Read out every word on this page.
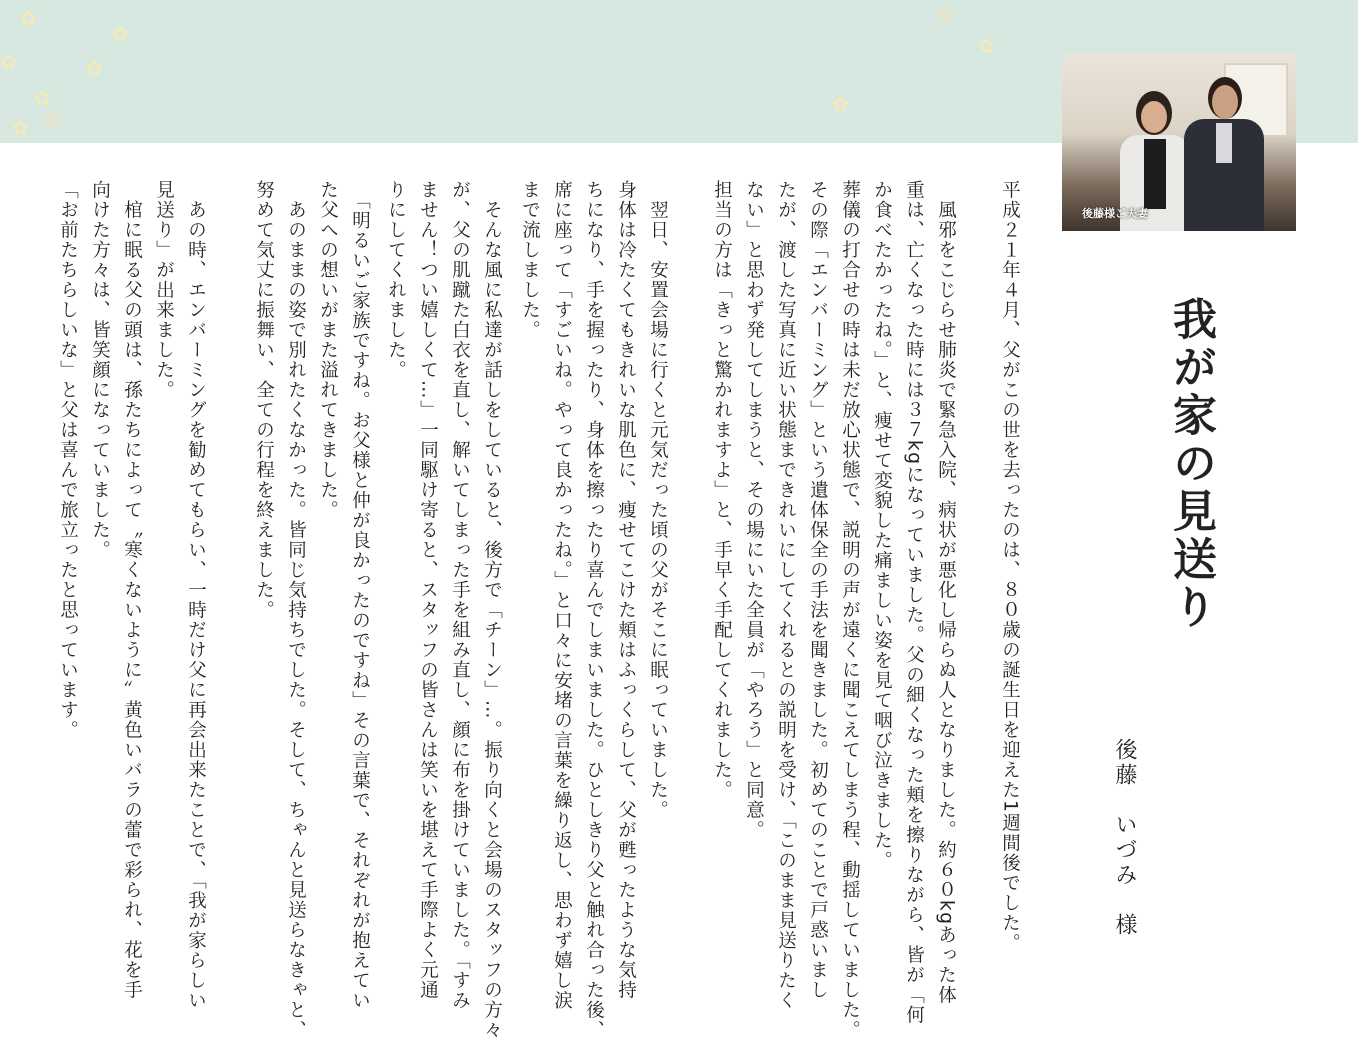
✿
✿
✿
✿
✿ ✿
✿
✿
✿
✿
後藤様ご夫妻
我が家の見送り
後藤　いづみ　様
平成２１年４月、父がこの世を去ったのは、８０歳の誕生日を迎えた1週間後でした。
　風邪をこじらせ肺炎で緊急入院、病状が悪化し帰らぬ人となりました。約６０kgあった体
重は、亡くなった時には３７kgになっていました。父の細くなった頬を擦りながら、皆が「何
か食べたかったね。」と、痩せて変貌した痛ましい姿を見て咽び泣きました。
葬儀の打合せの時は未だ放心状態で、説明の声が遠くに聞こえてしまう程、動揺していました。
その際「エンバーミング」という遺体保全の手法を聞きました。初めてのことで戸惑いまし
たが、渡した写真に近い状態まできれいにしてくれるとの説明を受け、「このまま見送りたく
ない」と思わず発してしまうと、その場にいた全員が「やろう」と同意。
担当の方は「きっと驚かれますよ」と、手早く手配してくれました。
　翌日、安置会場に行くと元気だった頃の父がそこに眠っていました。
身体は冷たくてもきれいな肌色に、痩せてこけた頬はふっくらして、父が甦ったような気持
ちになり、手を握ったり、身体を擦ったり喜んでしまいました。ひとしきり父と触れ合った後、
席に座って「すごいね。やって良かったね。」と口々に安堵の言葉を繰り返し、思わず嬉し涙
まで流しました。
　そんな風に私達が話しをしていると、後方で「チーン」…。振り向くと会場のスタッフの方々
が、父の肌蹴た白衣を直し、解いてしまった手を組み直し、顔に布を掛けていました。「すみ
ません！つい嬉しくて…」一同駆け寄ると、スタッフの皆さんは笑いを堪えて手際よく元通
りにしてくれました。
　「明るいご家族ですね。お父様と仲が良かったのですね」その言葉で、それぞれが抱えてい
た父への想いがまた溢れてきました。
　あのままの姿で別れたくなかった。皆同じ気持ちでした。そして、ちゃんと見送らなきゃと、
努めて気丈に振舞い、全ての行程を終えました。
　あの時、エンバーミングを勧めてもらい、一時だけ父に再会出来たことで、「我が家らしい
見送り」が出来ました。
　棺に眠る父の頭は、孫たちによって〝寒くないように〟黄色いバラの蕾で彩られ、花を手
向けた方々は、皆笑顔になっていました。
「お前たちらしいな」と父は喜んで旅立ったと思っています。
